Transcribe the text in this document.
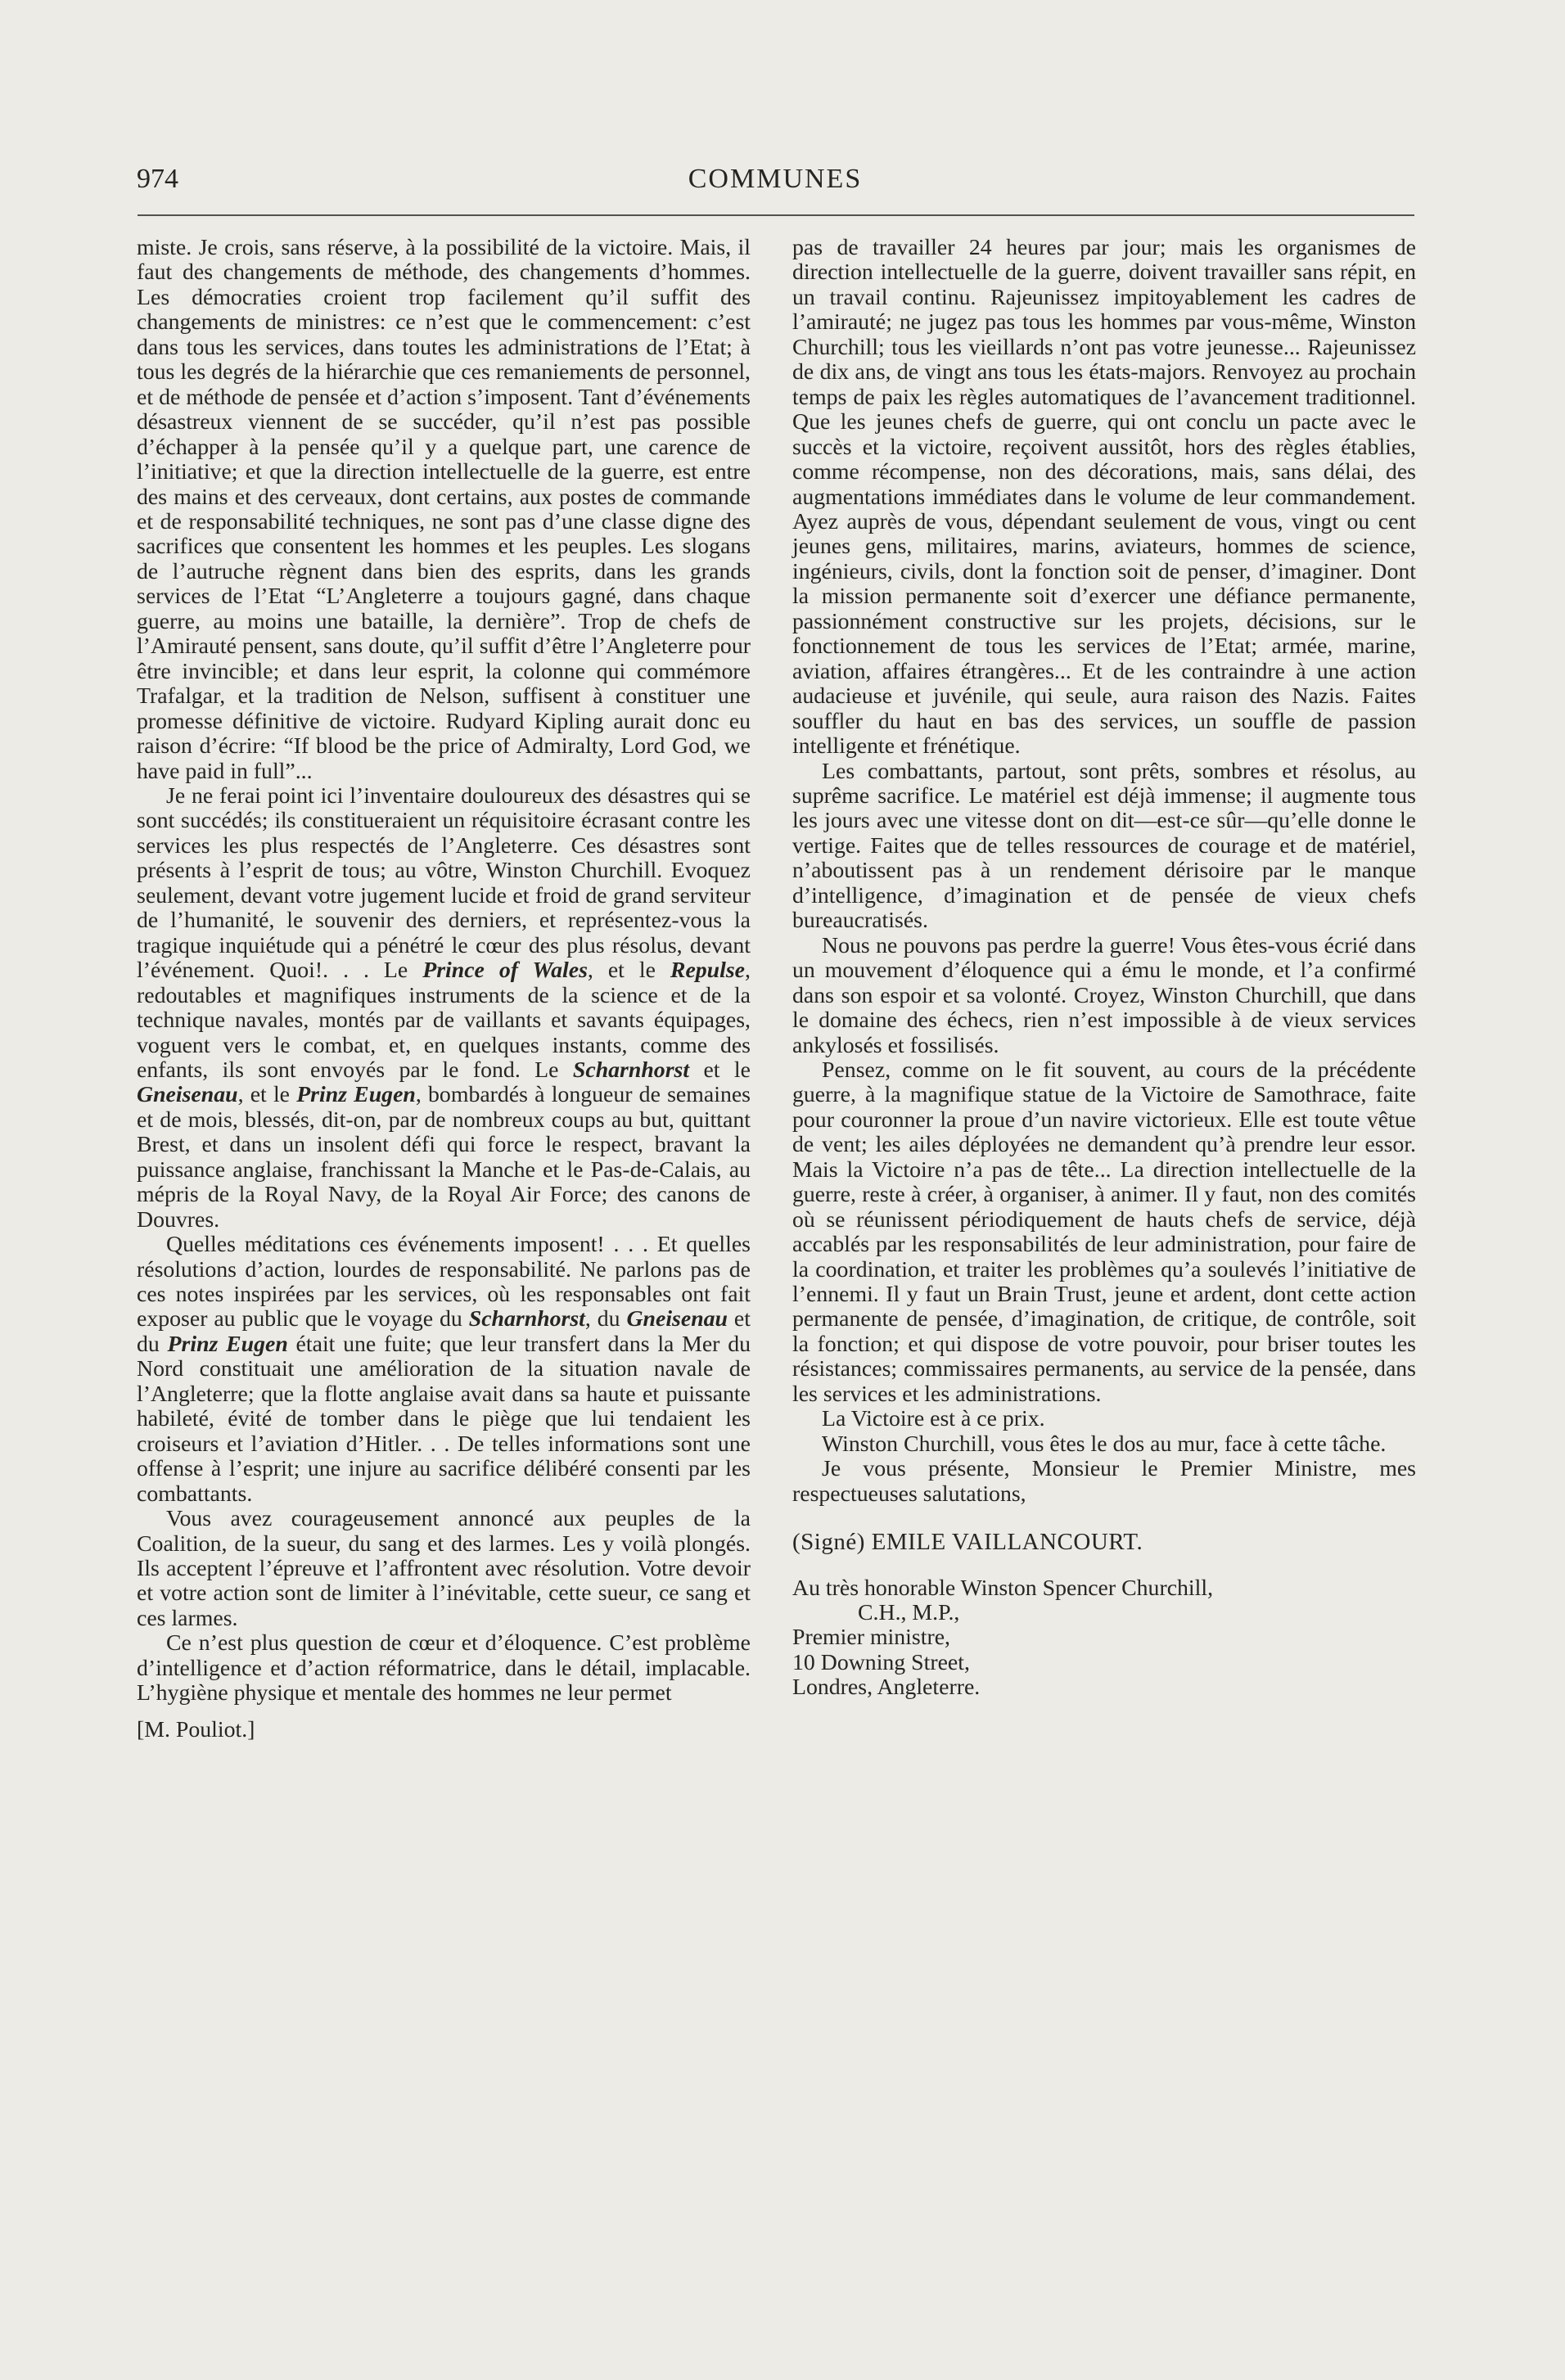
974	COMMUNES

miste. Je crois, sans réserve, à la possibilité de la victoire. Mais, il faut des changements de méthode, des changements d’hommes. Les démocraties croient trop facilement qu’il suffit des changements de ministres: ce n’est que le commencement: c’est dans tous les services, dans toutes les administrations de l’Etat; à tous les degrés de la hiérarchie que ces remaniements de personnel, et de méthode de pensée et d’action s’imposent. Tant d’événements désastreux viennent de se succéder, qu’il n’est pas possible d’échapper à la pensée qu’il y a quelque part, une carence de l’initiative; et que la direction intellectuelle de la guerre, est entre des mains et des cerveaux, dont certains, aux postes de commande et de responsabilité techniques, ne sont pas d’une classe digne des sacrifices que consentent les hommes et les peuples. Les slogans de l’autruche règnent dans bien des esprits, dans les grands services de l’Etat “L’Angleterre a toujours gagné, dans chaque guerre, au moins une bataille, la dernière”. Trop de chefs de l’Amirauté pensent, sans doute, qu’il suffit d’être l’Angleterre pour être invincible; et dans leur esprit, la colonne qui commémore Trafalgar, et la tradition de Nelson, suffisent à constituer une promesse définitive de victoire. Rudyard Kipling aurait donc eu raison d’écrire: “If blood be the price of Admiralty, Lord God, we have paid in full”...

Je ne ferai point ici l’inventaire douloureux des désastres qui se sont succédés; ils constitueraient un réquisitoire écrasant contre les services les plus respectés de l’Angleterre. Ces désastres sont présents à l’esprit de tous; au vôtre, Winston Churchill. Evoquez seulement, devant votre jugement lucide et froid de grand serviteur de l’humanité, le souvenir des derniers, et représentez-vous la tragique inquiétude qui a pénétré le cœur des plus résolus, devant l’événement. Quoi!. . . Le Prince of Wales, et le Repulse, redoutables et magnifiques instruments de la science et de la technique navales, montés par de vaillants et savants équipages, voguent vers le combat, et, en quelques instants, comme des enfants, ils sont envoyés par le fond. Le Scharnhorst et le Gneisenau, et le Prinz Eugen, bombardés à longueur de semaines et de mois, blessés, dit-on, par de nombreux coups au but, quittant Brest, et dans un insolent défi qui force le respect, bravant la puissance anglaise, franchissant la Manche et le Pas-de-Calais, au mépris de la Royal Navy, de la Royal Air Force; des canons de Douvres.

Quelles méditations ces événements imposent! . . . Et quelles résolutions d’action, lourdes de responsabilité. Ne parlons pas de ces notes inspirées par les services, où les responsables ont fait exposer au public que le voyage du Scharnhorst, du Gneisenau et du Prinz Eugen était une fuite; que leur transfert dans la Mer du Nord constituait une amélioration de la situation navale de l’Angleterre; que la flotte anglaise avait dans sa haute et puissante habileté, évité de tomber dans le piège que lui tendaient les croiseurs et l’aviation d’Hitler. . . De telles informations sont une offense à l’esprit; une injure au sacrifice délibéré consenti par les combattants.

Vous avez courageusement annoncé aux peuples de la Coalition, de la sueur, du sang et des larmes. Les y voilà plongés. Ils acceptent l’épreuve et l’affrontent avec résolution. Votre devoir et votre action sont de limiter à l’inévitable, cette sueur, ce sang et ces larmes.

Ce n’est plus question de cœur et d’éloquence. C’est problème d’intelligence et d’action réformatrice, dans le détail, implacable. L’hygiène physique et mentale des hommes ne leur permet

[M. Pouliot.]

pas de travailler 24 heures par jour; mais les organismes de direction intellectuelle de la guerre, doivent travailler sans répit, en un travail continu. Rajeunissez impitoyablement les cadres de l’amirauté; ne jugez pas tous les hommes par vous-même, Winston Churchill; tous les vieillards n’ont pas votre jeunesse... Rajeunissez de dix ans, de vingt ans tous les états-majors. Renvoyez au prochain temps de paix les règles automatiques de l’avancement traditionnel. Que les jeunes chefs de guerre, qui ont conclu un pacte avec le succès et la victoire, reçoivent aussitôt, hors des règles établies, comme récompense, non des décorations, mais, sans délai, des augmentations immédiates dans le volume de leur commandement. Ayez auprès de vous, dépendant seulement de vous, vingt ou cent jeunes gens, militaires, marins, aviateurs, hommes de science, ingénieurs, civils, dont la fonction soit de penser, d’imaginer. Dont la mission permanente soit d’exercer une défiance permanente, passionnément constructive sur les projets, décisions, sur le fonctionnement de tous les services de l’Etat; armée, marine, aviation, affaires étrangères... Et de les contraindre à une action audacieuse et juvénile, qui seule, aura raison des Nazis. Faites souffler du haut en bas des services, un souffle de passion intelligente et frénétique.

Les combattants, partout, sont prêts, sombres et résolus, au suprême sacrifice. Le matériel est déjà immense; il augmente tous les jours avec une vitesse dont on dit—est-ce sûr—qu’elle donne le vertige. Faites que de telles ressources de courage et de matériel, n’aboutissent pas à un rendement dérisoire par le manque d’intelligence, d’imagination et de pensée de vieux chefs bureaucratisés.

Nous ne pouvons pas perdre la guerre! Vous êtes-vous écrié dans un mouvement d’éloquence qui a ému le monde, et l’a confirmé dans son espoir et sa volonté. Croyez, Winston Churchill, que dans le domaine des échecs, rien n’est impossible à de vieux services ankylosés et fossilisés.

Pensez, comme on le fit souvent, au cours de la précédente guerre, à la magnifique statue de la Victoire de Samothrace, faite pour couronner la proue d’un navire victorieux. Elle est toute vêtue de vent; les ailes déployées ne demandent qu’à prendre leur essor. Mais la Victoire n’a pas de tête... La direction intellectuelle de la guerre, reste à créer, à organiser, à animer. Il y faut, non des comités où se réunissent périodiquement de hauts chefs de service, déjà accablés par les responsabilités de leur administration, pour faire de la coordination, et traiter les problèmes qu’a soulevés l’initiative de l’ennemi. Il y faut un Brain Trust, jeune et ardent, dont cette action permanente de pensée, d’imagination, de critique, de contrôle, soit la fonction; et qui dispose de votre pouvoir, pour briser toutes les résistances; commissaires permanents, au service de la pensée, dans les services et les administrations.

La Victoire est à ce prix.

Winston Churchill, vous êtes le dos au mur, face à cette tâche.

Je vous présente, Monsieur le Premier Ministre, mes respectueuses salutations,

(Signé) EMILE VAILLANCOURT.

Au très honorable Winston Spencer Churchill,

C.H., M.P.,

Premier ministre,

10 Downing Street,

Londres, Angleterre.
